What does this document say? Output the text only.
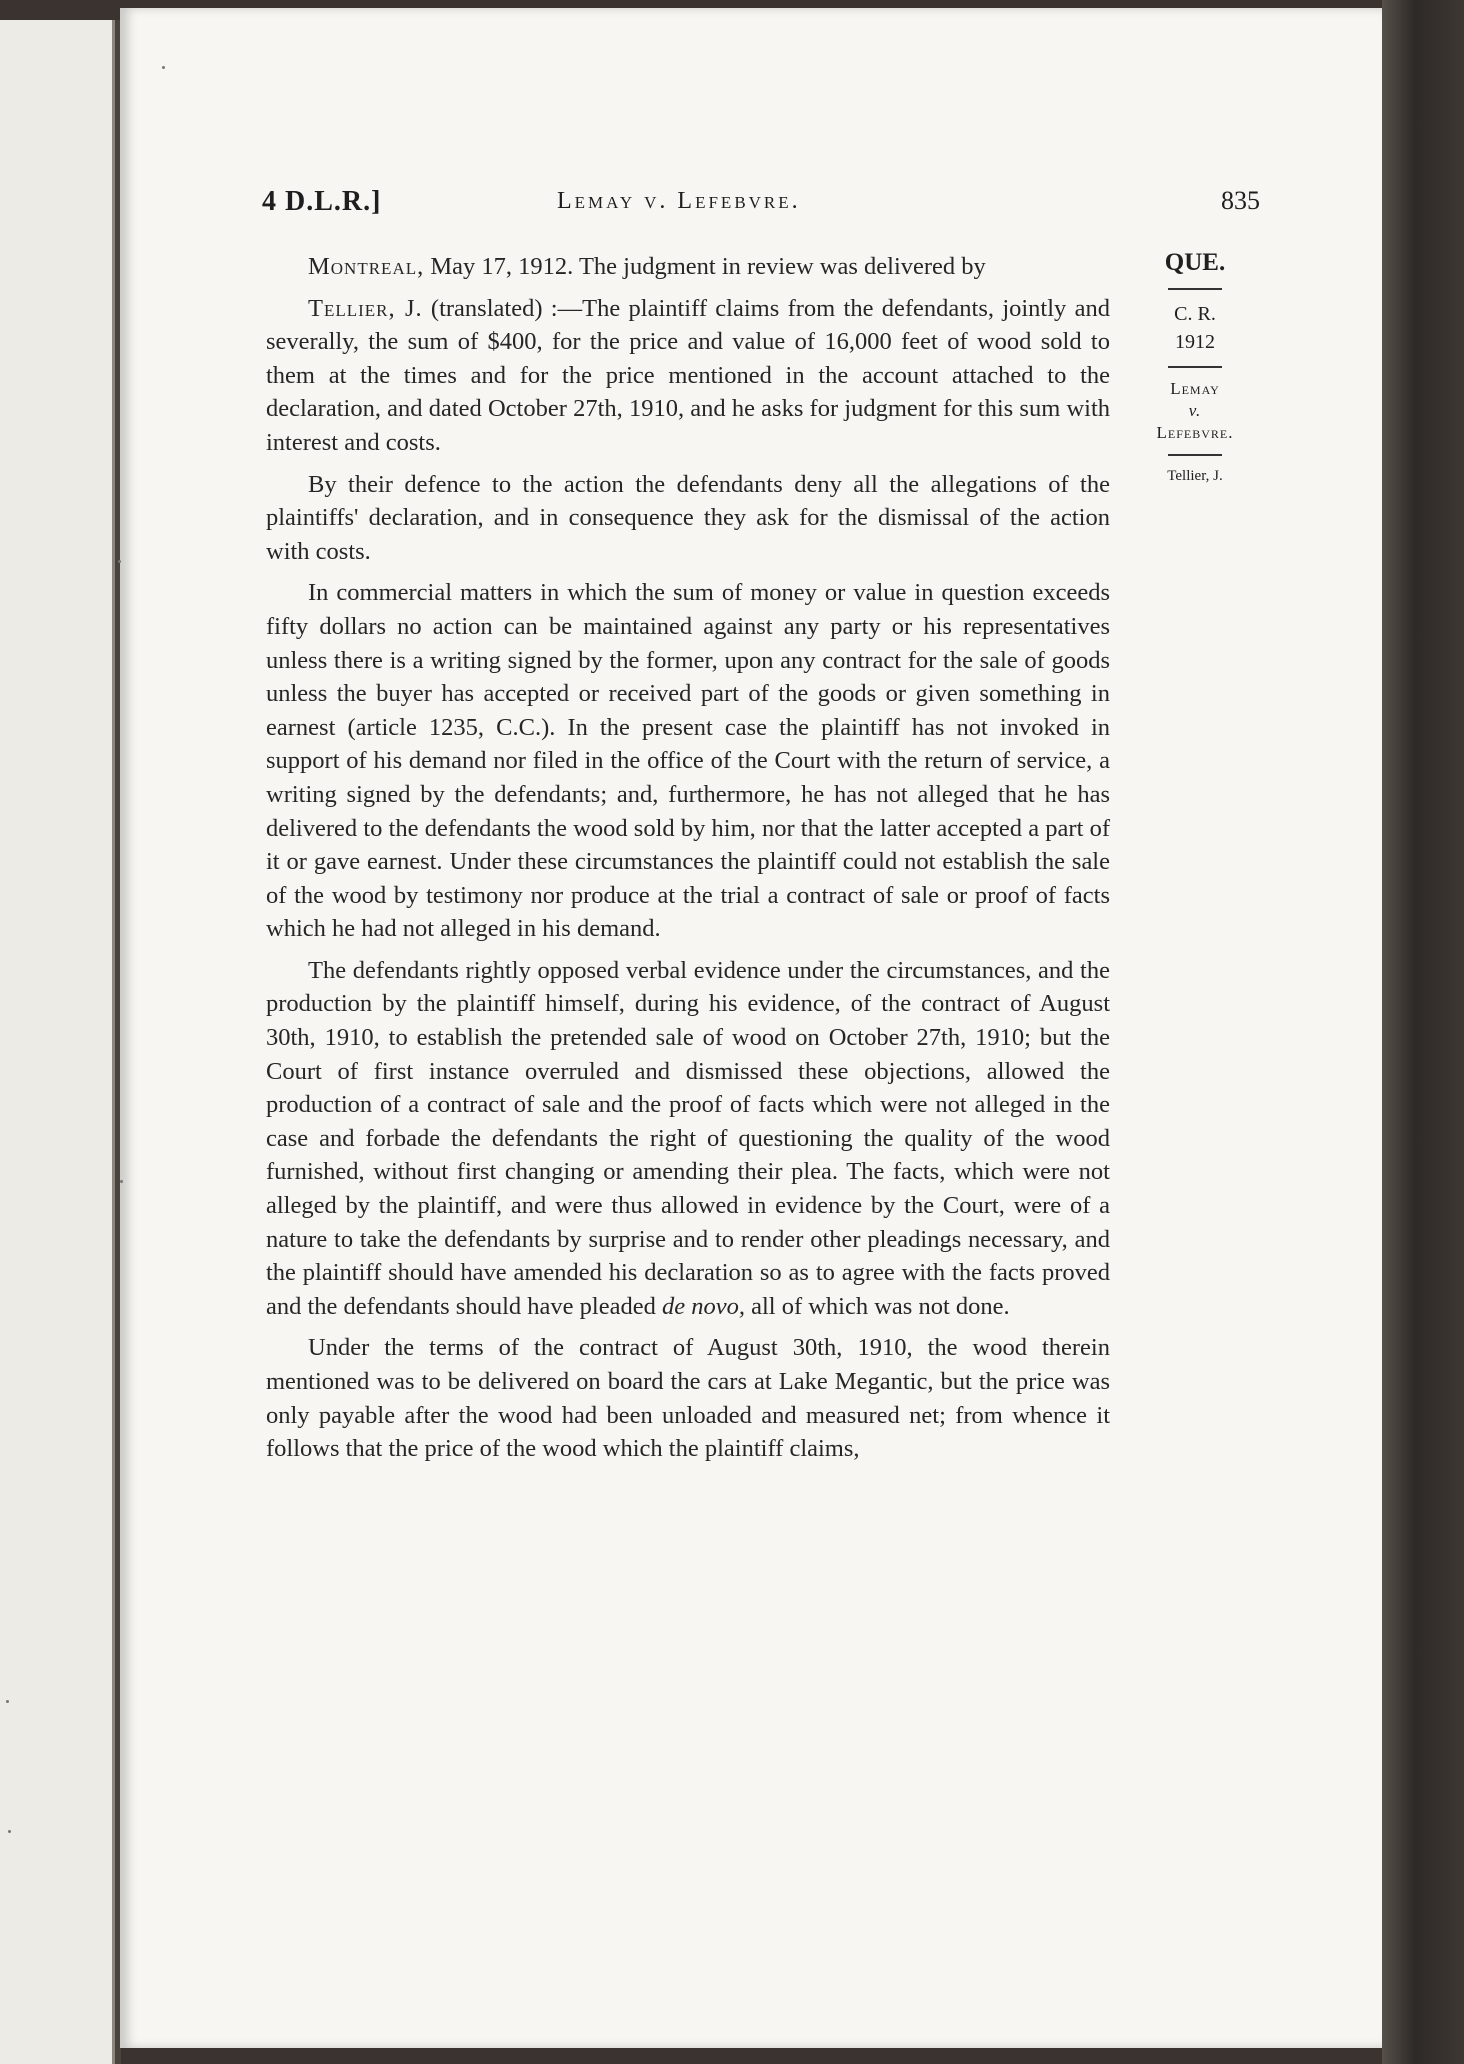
4 D.L.R.]	Lemay v. Lefebvre.	835

Montreal, May 17, 1912. The judgment in review was delivered by

Tellier, J. (translated) :—The plaintiff claims from the defendants, jointly and severally, the sum of $400, for the price and value of 16,000 feet of wood sold to them at the times and for the price mentioned in the account attached to the declaration, and dated October 27th, 1910, and he asks for judgment for this sum with interest and costs.

By their defence to the action the defendants deny all the allegations of the plaintiffs' declaration, and in consequence they ask for the dismissal of the action with costs.

In commercial matters in which the sum of money or value in question exceeds fifty dollars no action can be maintained against any party or his representatives unless there is a writing signed by the former, upon any contract for the sale of goods unless the buyer has accepted or received part of the goods or given something in earnest (article 1235, C.C.). In the present case the plaintiff has not invoked in support of his demand nor filed in the office of the Court with the return of service, a writing signed by the defendants; and, furthermore, he has not alleged that he has delivered to the defendants the wood sold by him, nor that the latter accepted a part of it or gave earnest. Under these circumstances the plaintiff could not establish the sale of the wood by testimony nor produce at the trial a contract of sale or proof of facts which he had not alleged in his demand.

The defendants rightly opposed verbal evidence under the circumstances, and the production by the plaintiff himself, during his evidence, of the contract of August 30th, 1910, to establish the pretended sale of wood on October 27th, 1910; but the Court of first instance overruled and dismissed these objections, allowed the production of a contract of sale and the proof of facts which were not alleged in the case and forbade the defendants the right of questioning the quality of the wood furnished, without first changing or amending their plea. The facts, which were not alleged by the plaintiff, and were thus allowed in evidence by the Court, were of a nature to take the defendants by surprise and to render other pleadings necessary, and the plaintiff should have amended his declaration so as to agree with the facts proved and the defendants should have pleaded de novo, all of which was not done.

Under the terms of the contract of August 30th, 1910, the wood therein mentioned was to be delivered on board the cars at Lake Megantic, but the price was only payable after the wood had been unloaded and measured net; from whence it follows that the price of the wood which the plaintiff claims,

QUE.
C. R.
1912
Lemay
v.
Lefebvre.
Tellier, J.
